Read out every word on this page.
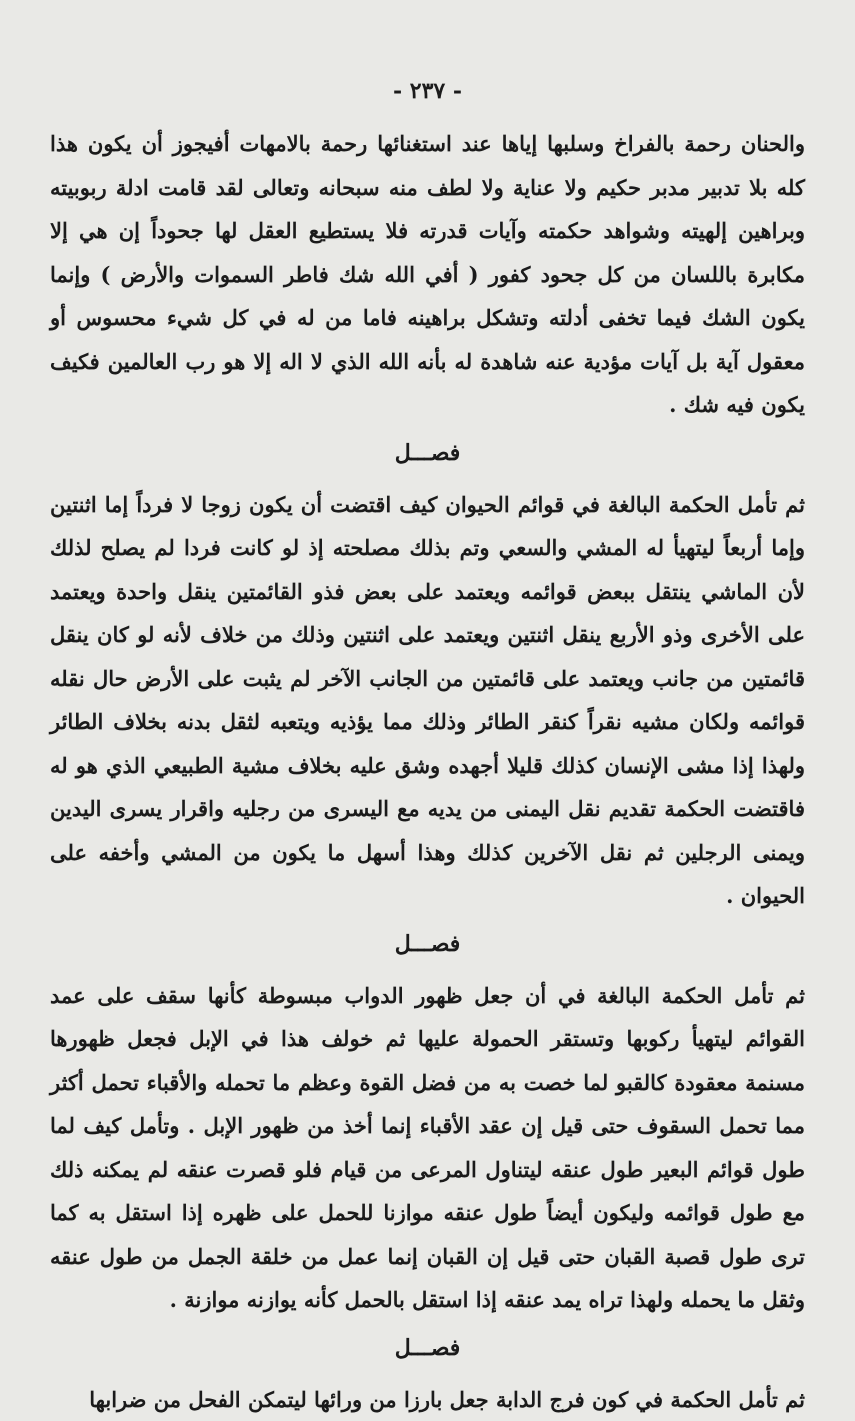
- ٢٣٧ -

والحنان رحمة بالفراخ وسلبها إياها عند استغنائها رحمة بالامهات أفيجوز أن يكون هذا كله بلا تدبير مدبر حكيم ولا عناية ولا لطف منه سبحانه وتعالى لقد قامت ادلة ربوبيته وبراهين إلهيته وشواهد حكمته وآيات قدرته فلا يستطيع العقل لها جحوداً إن هي إلا مكابرة باللسان من كل جحود كفور ( أفي الله شك فاطر السموات والأرض ) وإنما يكون الشك فيما تخفى أدلته وتشكل براهينه فاما من له في كل شيء محسوس أو معقول آية بل آيات مؤدية عنه شاهدة له بأنه الله الذي لا اله إلا هو رب العالمين فكيف يكون فيه شك .

فصـــل

ثم تأمل الحكمة البالغة في قوائم الحيوان كيف اقتضت أن يكون زوجا لا فرداً إما اثنتين وإما أربعاً ليتهيأ له المشي والسعي وتم بذلك مصلحته إذ لو كانت فردا لم يصلح لذلك لأن الماشي ينتقل ببعض قوائمه ويعتمد على بعض فذو القائمتين ينقل واحدة ويعتمد على الأخرى وذو الأربع ينقل اثنتين ويعتمد على اثنتين وذلك من خلاف لأنه لو كان ينقل قائمتين من جانب ويعتمد على قائمتين من الجانب الآخر لم يثبت على الأرض حال نقله قوائمه ولكان مشيه نقراً كنقر الطائر وذلك مما يؤذيه ويتعبه لثقل بدنه بخلاف الطائر ولهذا إذا مشى الإنسان كذلك قليلا أجهده وشق عليه بخلاف مشية الطبيعي الذي هو له فاقتضت الحكمة تقديم نقل اليمنى من يديه مع اليسرى من رجليه واقرار يسرى اليدين ويمنى الرجلين ثم نقل الآخرين كذلك وهذا أسهل ما يكون من المشي وأخفه على الحيوان .

فصـــل

ثم تأمل الحكمة البالغة في أن جعل ظهور الدواب مبسوطة كأنها سقف على عمد القوائم ليتهيأ ركوبها وتستقر الحمولة عليها ثم خولف هذا في الإبل فجعل ظهورها مسنمة معقودة كالقبو لما خصت به من فضل القوة وعظم ما تحمله والأقباء تحمل أكثر مما تحمل السقوف حتى قيل إن عقد الأقباء إنما أخذ من ظهور الإبل . وتأمل كيف لما طول قوائم البعير طول عنقه ليتناول المرعى من قيام فلو قصرت عنقه لم يمكنه ذلك مع طول قوائمه وليكون أيضاً طول عنقه موازنا للحمل على ظهره إذا استقل به كما ترى طول قصبة القبان حتى قيل إن القبان إنما عمل من خلقة الجمل من طول عنقه وثقل ما يحمله ولهذا تراه يمد عنقه إذا استقل بالحمل كأنه يوازنه موازنة .

فصـــل

ثم تأمل الحكمة في كون فرج الدابة جعل بارزا من ورائها ليتمكن الفحل من ضرابها
